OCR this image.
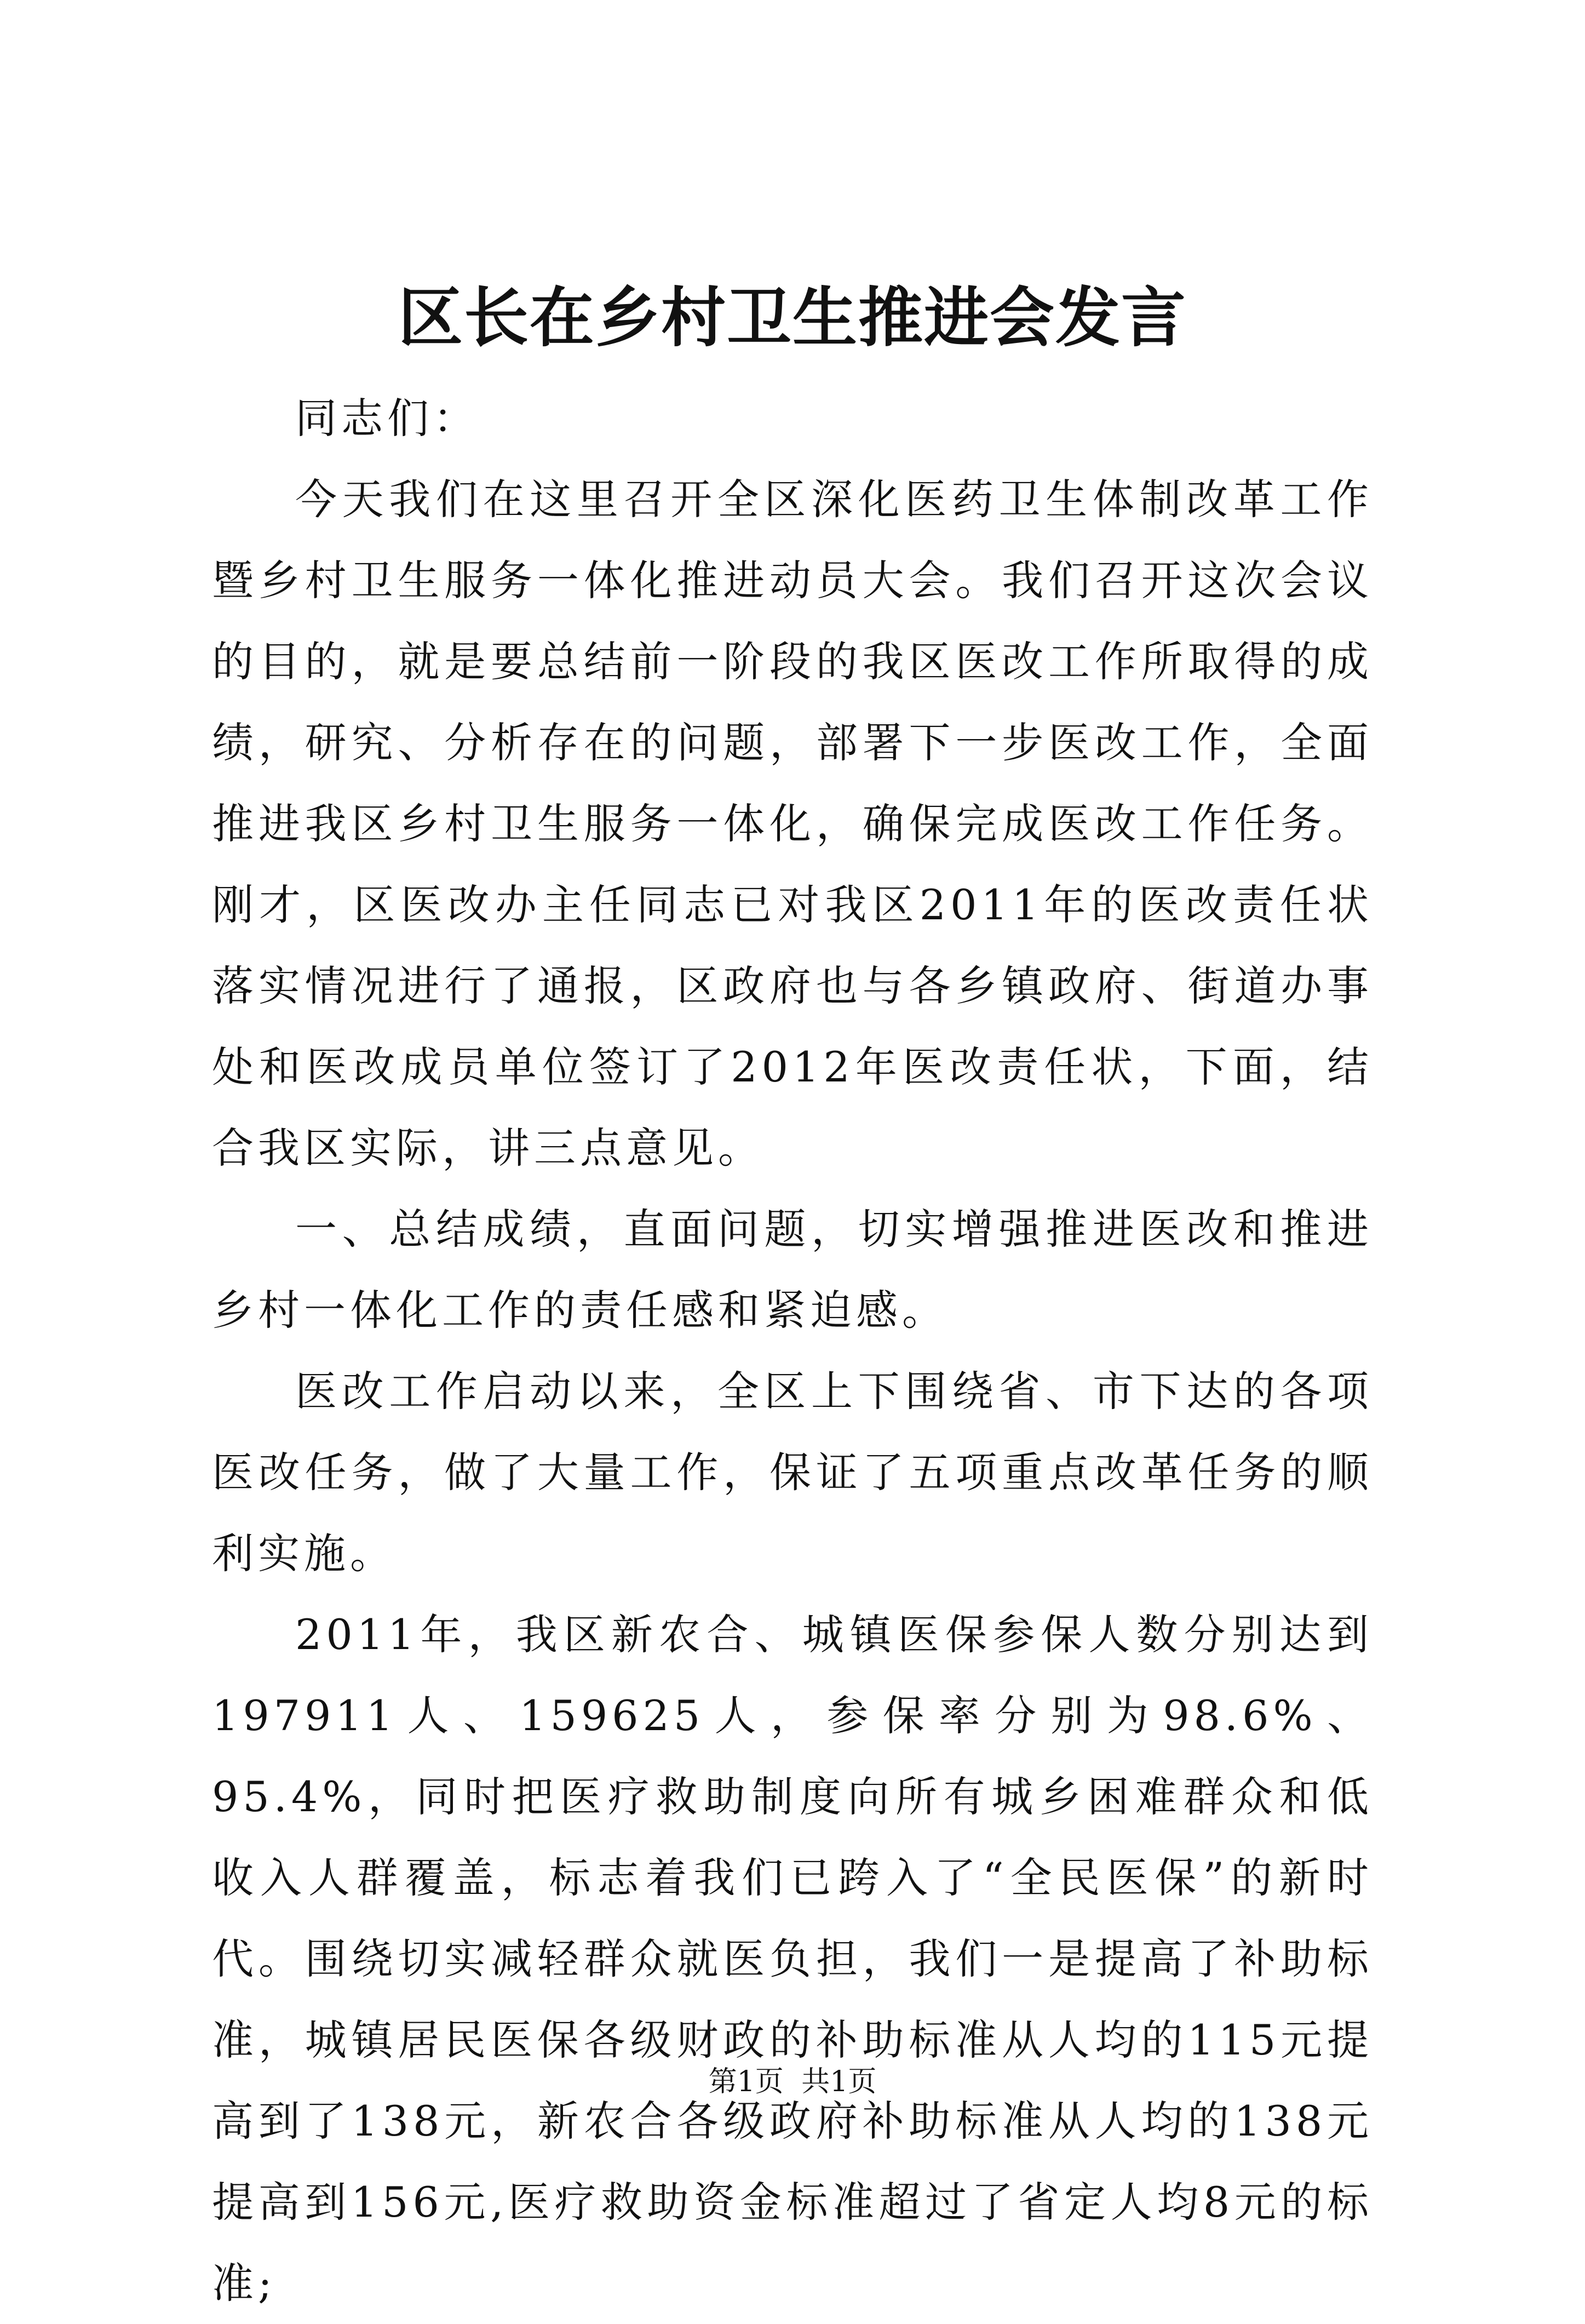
区长在乡村卫生推进会发言

同志们：

今天我们在这里召开全区深化医药卫生体制改革工作暨乡村卫生服务一体化推进动员大会。我们召开这次会议的目的，就是要总结前一阶段的我区医改工作所取得的成绩，研究、分析存在的问题，部署下一步医改工作，全面推进我区乡村卫生服务一体化，确保完成医改工作任务。刚才，区医改办主任同志已对我区2011年的医改责任状落实情况进行了通报，区政府也与各乡镇政府、街道办事处和医改成员单位签订了2012年医改责任状，下面，结合我区实际，讲三点意见。

一、总结成绩，直面问题，切实增强推进医改和推进乡村一体化工作的责任感和紧迫感。

医改工作启动以来，全区上下围绕省、市下达的各项医改任务，做了大量工作，保证了五项重点改革任务的顺利实施。

2011年，我区新农合、城镇医保参保人数分别达到197911人、159625人，参保率分别为98.6%、95.4%，同时把医疗救助制度向所有城乡困难群众和低收入人群覆盖，标志着我们已跨入了“全民医保”的新时代。围绕切实减轻群众就医负担，我们一是提高了补助标准，城镇居民医保各级财政的补助标准从人均的115元提高到了138元，新农合各级政府补助标准从人均的138元提高到156元,医疗救助资金标准超过了省定人均8元的标准;

第1页 共1页
